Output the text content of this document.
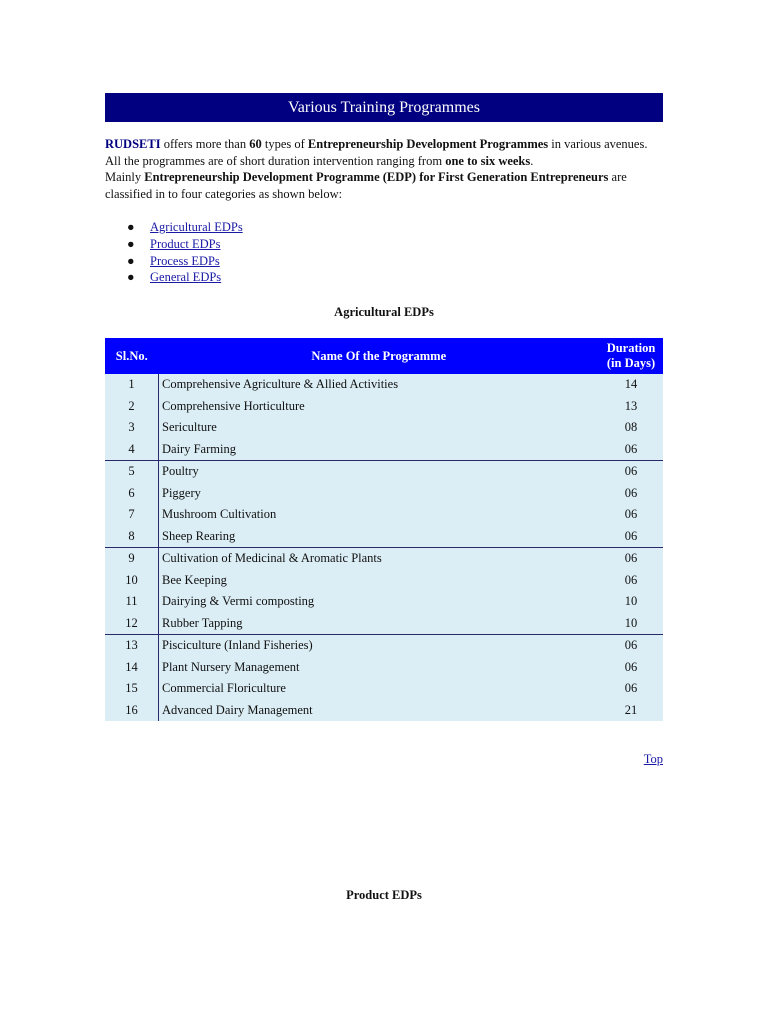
Various Training Programmes
RUDSETI offers more than 60 types of Entrepreneurship Development Programmes in various avenues. All the programmes are of short duration intervention ranging from one to six weeks.
Mainly Entrepreneurship Development Programme (EDP) for First Generation Entrepreneurs are classified in to four categories as shown below:
● Agricultural EDPs
● Product EDPs
● Process EDPs
● General EDPs
Agricultural EDPs
Sl.No.	Name Of the Programme	Duration
(in Days)
1	Comprehensive Agriculture & Allied Activities	14
2	Comprehensive Horticulture	13
3	Sericulture	08
4	Dairy Farming	06
5	Poultry	06
6	Piggery	06
7	Mushroom Cultivation	06
8	Sheep Rearing	06
9	Cultivation of Medicinal & Aromatic Plants	06
10	Bee Keeping	06
11	Dairying & Vermi composting	10
12	Rubber Tapping	10
13	Pisciculture (Inland Fisheries)	06
14	Plant Nursery Management	06
15	Commercial Floriculture	06
16	Advanced Dairy Management	21
Top
Product EDPs
